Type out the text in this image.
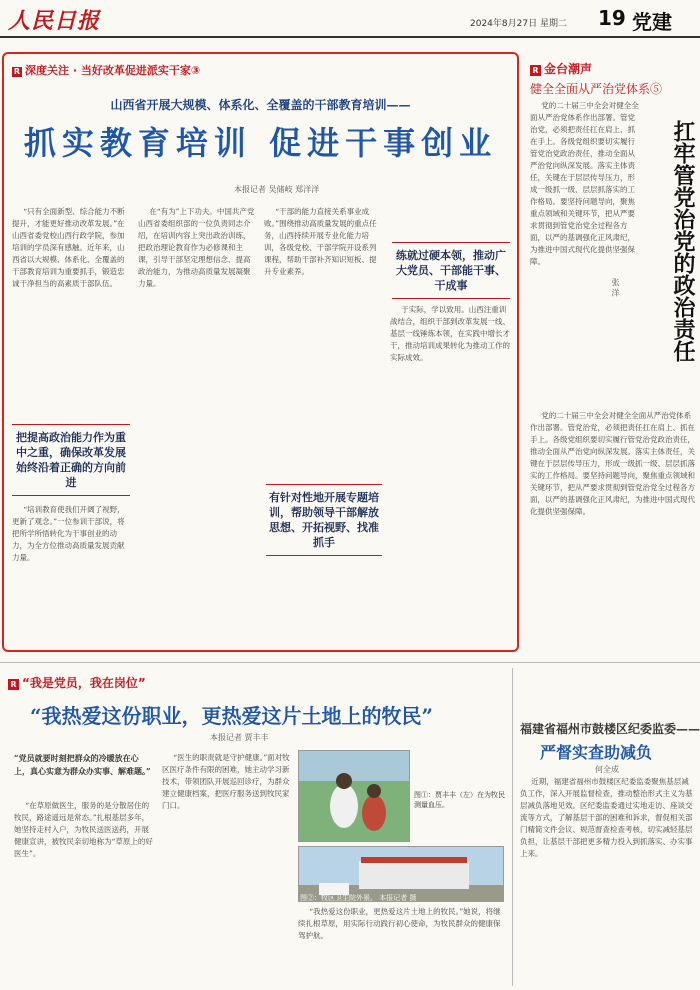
人民日报	2024年8月27日 星期二 19 党建
R 深度关注 · 当好改革促进派实干家③
山西省开展大规模、体系化、全覆盖的干部教育培训——
抓实教育培训 促进干事创业
本报记者 吴储岐 郑洋洋
“只有全面新型、综合能力不断提升，才能更好推动改革发展。”在山西省委党校山西行政学院，参加培训的学员深有感触。近年来，山西省以大规模、体系化、全覆盖的干部教育培训为重要抓手，锻造忠诚干净担当的高素质干部队伍。
在“有为”上下功夫。中国共产党山西省委组织部的一位负责同志介绍，在培训内容上突出政治训练，把政治理论教育作为必修课和主课，引导干部坚定理想信念、提高政治能力，为推动高质量发展凝聚力量。
“干部的能力直接关系事业成败。”围绕推动高质量发展的重点任务，山西持续开展专业化能力培训，各级党校、干部学院开设系列课程，帮助干部补齐知识短板、提升专业素养。
于实际，学以致用。山西注重训战结合，组织干部到改革发展一线、基层一线锤炼本领，在实践中增长才干，推动培训成果转化为推动工作的实际成效。
“培训教育使我们开阔了视野，更新了观念。”一位参训干部说，将把所学所悟转化为干事创业的动力，为全方位推动高质量发展贡献力量。
练就过硬本领，推动广大党员、干部能干事、干成事
把提高政治能力作为重中之重，确保改革发展始终沿着正确的方向前进
有针对性地开展专题培训，帮助领导干部解放思想、开拓视野、找准抓手
R 金台潮声
健全全面从严治党体系⑤
扛牢管党治党的政治责任
张 洋
党的二十届三中全会对健全全面从严治党体系作出部署。管党治党，必须把责任扛在肩上、抓在手上。各级党组织要切实履行管党治党政治责任，推动全面从严治党向纵深发展。落实主体责任，关键在于层层传导压力，形成一级抓一级、层层抓落实的工作格局。要坚持问题导向，聚焦重点领域和关键环节，把从严要求贯彻到管党治党全过程各方面，以严的基调强化正风肃纪，为推进中国式现代化提供坚强保障。
党的二十届三中全会对健全全面从严治党体系作出部署。管党治党，必须把责任扛在肩上、抓在手上。各级党组织要切实履行管党治党政治责任，推动全面从严治党向纵深发展。落实主体责任，关键在于层层传导压力，形成一级抓一级、层层抓落实的工作格局。要坚持问题导向，聚焦重点领域和关键环节，把从严要求贯彻到管党治党全过程各方面，以严的基调强化正风肃纪，为推进中国式现代化提供坚强保障。
R “我是党员，我在岗位”
“我热爱这份职业，更热爱这片土地上的牧民”
本报记者 贾丰丰
“党员就要时刻把群众的冷暖放在心上，真心实意为群众办实事、解难题。”
“在草原做医生，服务的是分散居住的牧民，路途遥远是常态。”扎根基层多年，她坚持走村入户，为牧民送医送药，开展健康宣讲，被牧民亲切地称为“草原上的好医生”。
“医生的职责就是守护健康。”面对牧区医疗条件有限的困难，她主动学习新技术，带领团队开展巡回诊疗，为群众建立健康档案，把医疗服务送到牧民家门口。
“我热爱这份职业，更热爱这片土地上的牧民。”她说，将继续扎根草原，用实际行动践行初心使命，为牧民群众的健康保驾护航。
图①：贾丰丰（左）在为牧民测量血压。
图②：牧区卫生院外景。 本报记者 摄
福建省福州市鼓楼区纪委监委——
严督实查助减负
何全成
近期，福建省福州市鼓楼区纪委监委聚焦基层减负工作，深入开展监督检查，推动整治形式主义为基层减负落地见效。区纪委监委通过实地走访、座谈交流等方式，了解基层干部的困难和诉求，督促相关部门精简文件会议、规范督查检查考核，切实减轻基层负担，让基层干部把更多精力投入到抓落实、办实事上来。
